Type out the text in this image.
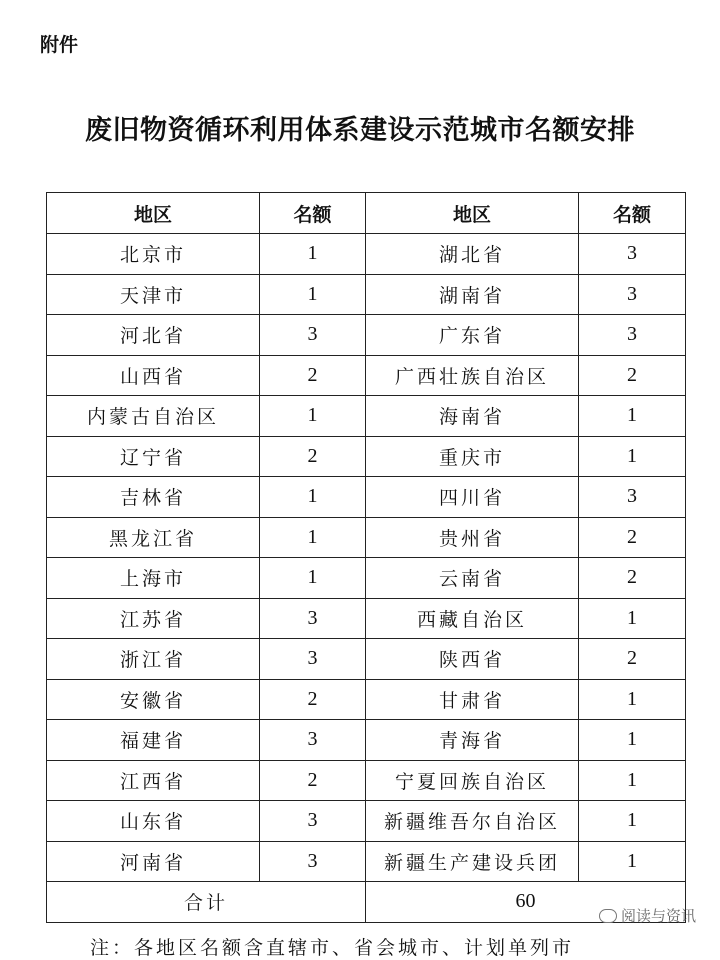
附件
废旧物资循环利用体系建设示范城市名额安排
地区	名额	地区	名额
北京市	1	湖北省	3
天津市	1	湖南省	3
河北省	3	广东省	3
山西省	2	广西壮族自治区	2
内蒙古自治区	1	海南省	1
辽宁省	2	重庆市	1
吉林省	1	四川省	3
黑龙江省	1	贵州省	2
上海市	1	云南省	2
江苏省	3	西藏自治区	1
浙江省	3	陕西省	2
安徽省	2	甘肃省	1
福建省	3	青海省	1
江西省	2	宁夏回族自治区	1
山东省	3	新疆维吾尔自治区	1
河南省	3	新疆生产建设兵团	1
合计		60	
注：各地区名额含直辖市、省会城市、计划单列市
阅读与资讯
